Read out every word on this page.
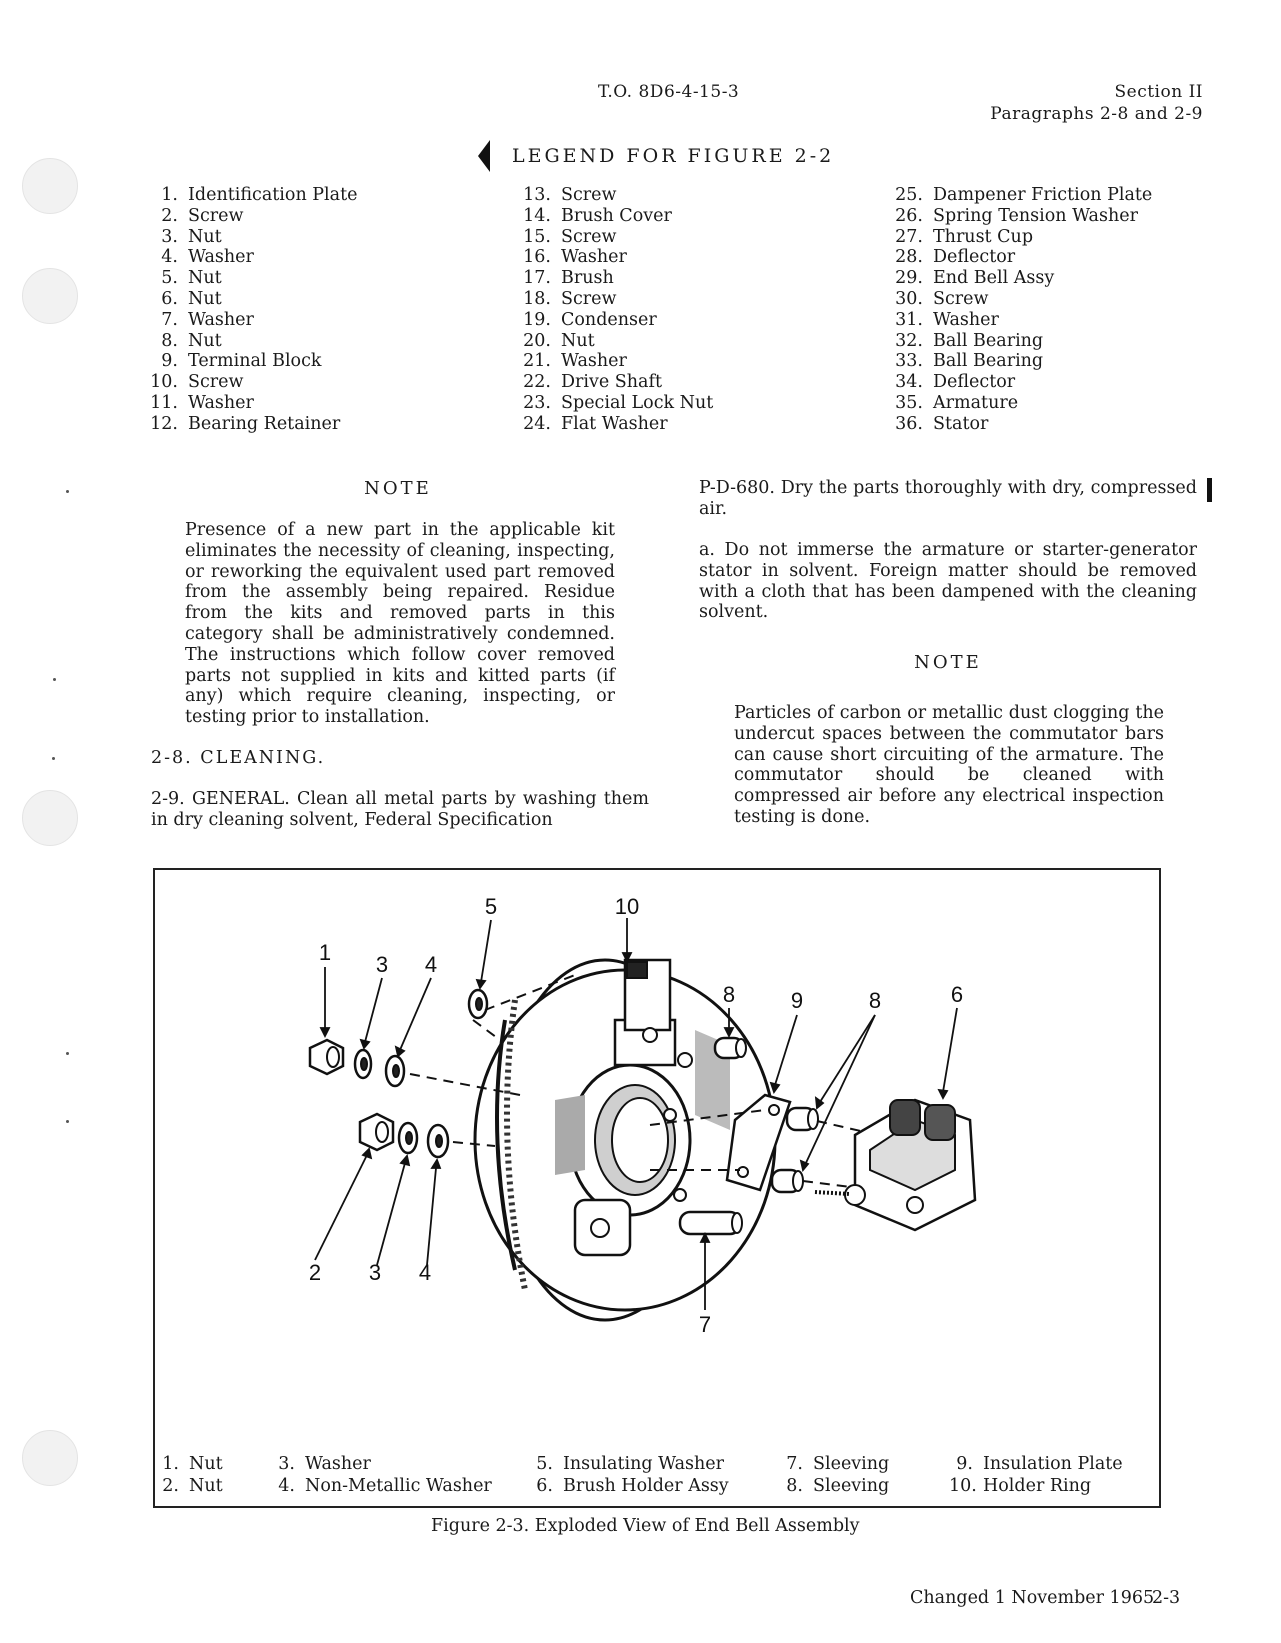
T.O. 8D6-4-15-3	Section II
Paragraphs 2-8 and 2-9
LEGEND FOR FIGURE 2-2
1. Identification Plate
2. Screw
3. Nut
4. Washer
5. Nut
6. Nut
7. Washer
8. Nut
9. Terminal Block
10. Screw
11. Washer
12. Bearing Retainer
13. Screw
14. Brush Cover
15. Screw
16. Washer
17. Brush
18. Screw
19. Condenser
20. Nut
21. Washer
22. Drive Shaft
23. Special Lock Nut
24. Flat Washer
25. Dampener Friction Plate
26. Spring Tension Washer
27. Thrust Cup
28. Deflector
29. End Bell Assy
30. Screw
31. Washer
32. Ball Bearing
33. Ball Bearing
34. Deflector
35. Armature
36. Stator
NOTE
Presence of a new part in the applicable kit eliminates the necessity of cleaning, inspecting, or reworking the equivalent used part removed from the assembly being repaired. Residue from the kits and removed parts in this category shall be administratively condemned. The instructions which follow cover removed parts not supplied in kits and kitted parts (if any) which require cleaning, inspecting, or testing prior to installation.
2-8. CLEANING.
2-9. GENERAL. Clean all metal parts by washing them in dry cleaning solvent, Federal Specification
P-D-680. Dry the parts thoroughly with dry, compressed air.
a. Do not immerse the armature or starter-generator stator in solvent. Foreign matter should be removed with a cloth that has been dampened with the cleaning solvent.
NOTE
Particles of carbon or metallic dust clogging the undercut spaces between the commutator bars can cause short circuiting of the armature. The commutator should be cleaned with compressed air before any electrical inspection testing is done.
1 3 4
5	10
8	9	8	6
2 3 4
7
1. Nut
2. Nut
3. Washer
4. Non-Metallic Washer
5. Insulating Washer
6. Brush Holder Assy
7. Sleeving
8. Sleeving
9. Insulation Plate
10. Holder Ring
Figure 2-3. Exploded View of End Bell Assembly
Changed 1 November 1965
2-3
